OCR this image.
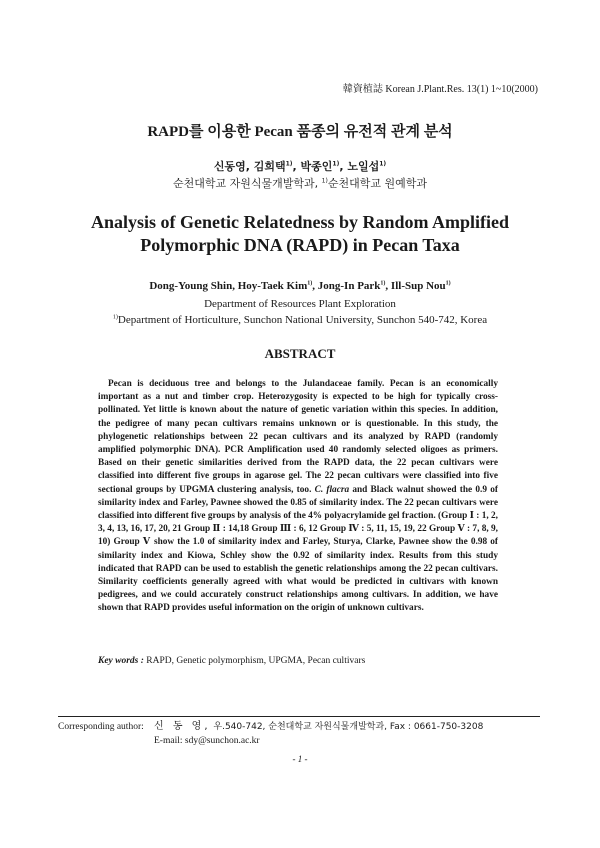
韓資植誌 Korean J.Plant.Res. 13(1) 1~10(2000)
RAPD를 이용한 Pecan 품종의 유전적 관계 분석
신동영, 김희택$^{1)}$, 박종인$^{1)}$, 노일섭$^{1)}$
순천대학교 자원식물개발학과, $^{1)}$순천대학교 원예학과
Analysis of Genetic Relatedness by Random Amplified
Polymorphic DNA (RAPD) in Pecan Taxa
Dong-Young Shin, Hoy-Taek Kim$^{1)}$, Jong-In Park$^{1)}$, Ill-Sup Nou$^{1)}$
Department of Resources Plant Exploration
$^{1)}$Department of Horticulture, Sunchon National University, Sunchon 540-742, Korea
ABSTRACT

Pecan is deciduous tree and belongs to the Julandaceae family. Pecan is an economically important as a nut and timber crop. Heterozygosity is expected to be high for typically cross-pollinated. Yet little is known about the nature of genetic variation within this species. In addition, the pedigree of many pecan cultivars remains unknown or is questionable. In this study, the phylogenetic relationships between 22 pecan cultivars and its analyzed by RAPD (randomly amplified polymorphic DNA). PCR Amplification used 40 randomly selected oligoes as primers. Based on their genetic similarities derived from the RAPD data, the 22 pecan cultivars were classified into different five groups in agarose gel. The 22 pecan cultivars were classified into five sectional groups by UPGMA clustering analysis, too. C. flacra and Black walnut showed the 0.9 of similarity index and Farley, Pawnee showed the 0.85 of similarity index. The 22 pecan cultivars were classified into different five groups by analysis of the 4% polyacrylamide gel fraction. (Group Ⅰ : 1, 2, 3, 4, 13, 16, 17, 20, 21 Group Ⅱ : 14,18 Group Ⅲ : 6, 12 Group Ⅳ : 5, 11, 15, 19, 22 Group Ⅴ : 7, 8, 9, 10) Group Ⅴ show the 1.0 of similarity index and Farley, Sturya, Clarke, Pawnee show the 0.98 of similarity index and Kiowa, Schley show the 0.92 of similarity index. Results from this study indicated that RAPD can be used to establish the genetic relationships among the 22 pecan cultivars. Similarity coefficients generally agreed with what would be predicted in cultivars with known pedigrees, and we could accurately construct relationships among cultivars. In addition, we have shown that RAPD provides useful information on the origin of unknown cultivars.

Key words : RAPD, Genetic polymorphism, UPGMA, Pecan cultivars
Corresponding author: 신 동 영, 우.540-742, 순천대학교 자원식물개발학과, Fax : 0661-750-3208
E-mail: sdy@sunchon.ac.kr
- 1 -
